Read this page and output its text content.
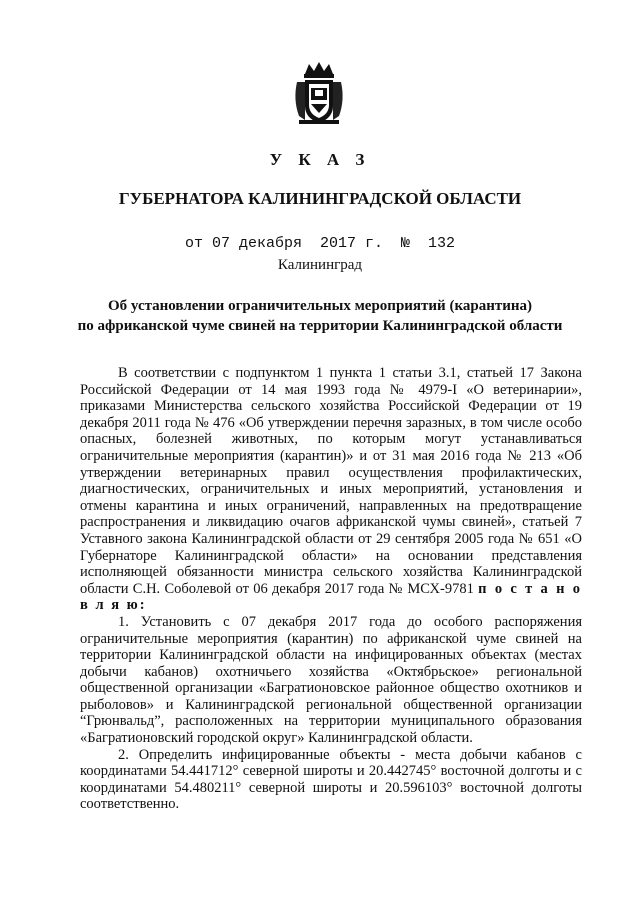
У К А З
ГУБЕРНАТОРА КАЛИНИНГРАДСКОЙ ОБЛАСТИ
от 07 декабря  2017 г. № 132
Калининград
Об установлении ограничительных мероприятий (карантина)
по африканской чуме свиней на территории Калининградской области

В соответствии с подпунктом 1 пункта 1 статьи 3.1, статьей 17 Закона Российской Федерации от 14 мая 1993 года № 4979-I «О ветеринарии», приказами Министерства сельского хозяйства Российской Федерации от 19 декабря 2011 года № 476 «Об утверждении перечня заразных, в том числе особо опасных, болезней животных, по которым могут устанавливаться ограничительные мероприятия (карантин)» и от 31 мая 2016 года № 213 «Об утверждении ветеринарных правил осуществления профилактических, диагностических, ограничительных и иных мероприятий, установления и отмены карантина и иных ограничений, направленных на предотвращение распространения и ликвидацию очагов африканской чумы свиней», статьей 7 Уставного закона Калининградской области от 29 сентября 2005 года № 651 «О Губернаторе Калининградской области» на основании представления исполняющей обязанности министра сельского хозяйства Калининградской области С.Н. Соболевой от 06 декабря 2017 года № МСХ-9781 п о с т а н о в л я ю:

1. Установить с 07 декабря 2017 года до особого распоряжения ограничительные мероприятия (карантин) по африканской чуме свиней на территории Калининградской области на инфицированных объектах (местах добычи кабанов) охотничьего хозяйства «Октябрьское» региональной общественной организации «Багратионовское районное общество охотников и рыболовов» и Калининградской региональной общественной организации “Грюнвальд”, расположенных на территории муниципального образования «Багратионовский городской округ» Калининградской области.

2. Определить инфицированные объекты - места добычи кабанов с координатами 54.441712° северной широты и 20.442745° восточной долготы и с координатами 54.480211° северной широты и 20.596103° восточной долготы соответственно.
